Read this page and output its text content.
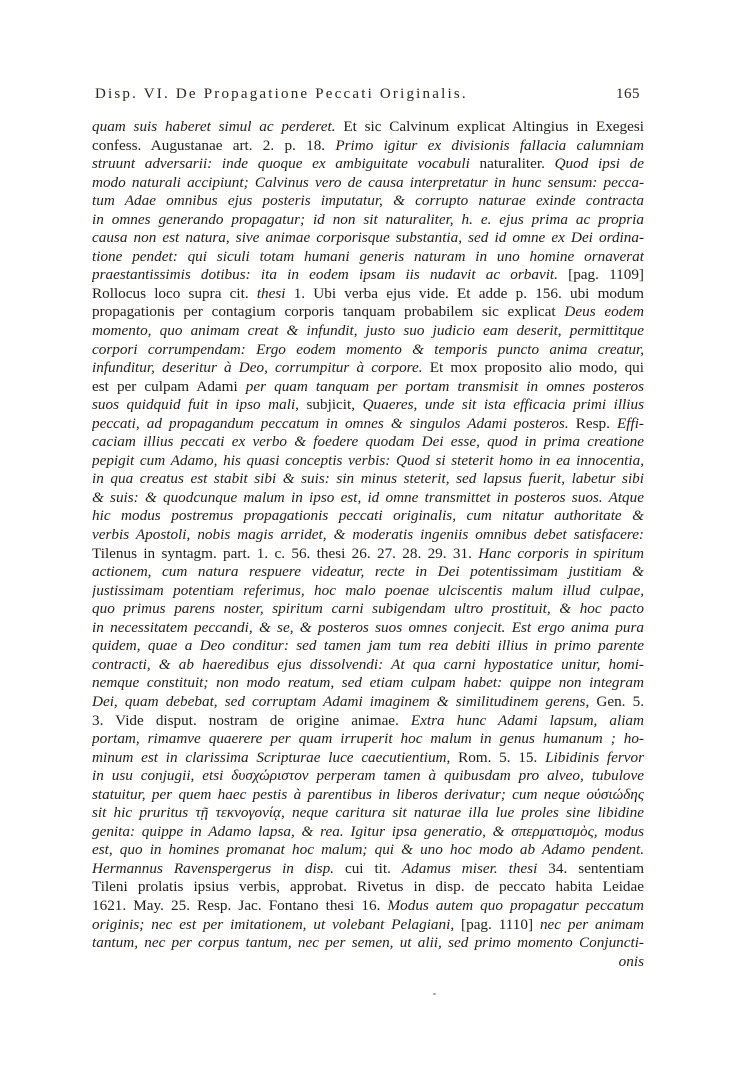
Disp. VI. De Propagatione Peccati Originalis.	165
quam suis haberet simul ac perderet. Et sic Calvinum explicat Altingius in Exegesi
confess. Augustanae art. 2. p. 18. Primo igitur ex divisionis fallacia calumniam
struunt adversarii: inde quoque ex ambiguitate vocabuli naturaliter. Quod ipsi de
modo naturali accipiunt; Calvinus vero de causa interpretatur in hunc sensum: pecca-
tum Adae omnibus ejus posteris imputatur, & corrupto naturae exinde contracta
in omnes generando propagatur; id non sit naturaliter, h. e. ejus prima ac propria
causa non est natura, sive animae corporisque substantia, sed id omne ex Dei ordina-
tione pendet: qui siculi totam humani generis naturam in uno homine ornaverat
praestantissimis dotibus: ita in eodem ipsam iis nudavit ac orbavit. [pag. 1109]
Rollocus loco supra cit. thesi 1. Ubi verba ejus vide. Et adde p. 156. ubi modum
propagationis per contagium corporis tanquam probabilem sic explicat Deus eodem
momento, quo animam creat & infundit, justo suo judicio eam deserit, permittitque
corpori corrumpendam: Ergo eodem momento & temporis puncto anima creatur,
infunditur, deseritur à Deo, corrumpitur à corpore. Et mox proposito alio modo, qui
est per culpam Adami per quam tanquam per portam transmisit in omnes posteros
suos quidquid fuit in ipso mali, subjicit, Quaeres, unde sit ista efficacia primi illius
peccati, ad propagandum peccatum in omnes & singulos Adami posteros. Resp. Effi-
caciam illius peccati ex verbo & foedere quodam Dei esse, quod in prima creatione
pepigit cum Adamo, his quasi conceptis verbis: Quod si steterit homo in ea innocentia,
in qua creatus est stabit sibi & suis: sin minus steterit, sed lapsus fuerit, labetur sibi
& suis: & quodcunque malum in ipso est, id omne transmittet in posteros suos. Atque
hic modus postremus propagationis peccati originalis, cum nitatur authoritate &
verbis Apostoli, nobis magis arridet, & moderatis ingeniis omnibus debet satisfacere:
Tilenus in syntagm. part. 1. c. 56. thesi 26. 27. 28. 29. 31. Hanc corporis in spiritum
actionem, cum natura respuere videatur, recte in Dei potentissimam justitiam &
justissimam potentiam referimus, hoc malo poenae ulciscentis malum illud culpae,
quo primus parens noster, spiritum carni subigendam ultro prostituit, & hoc pacto
in necessitatem peccandi, & se, & posteros suos omnes conjecit. Est ergo anima pura
quidem, quae a Deo conditur: sed tamen jam tum rea debiti illius in primo parente
contracti, & ab haeredibus ejus dissolvendi: At qua carni hypostatice unitur, homi-
nemque constituit; non modo reatum, sed etiam culpam habet: quippe non integram
Dei, quam debebat, sed corruptam Adami imaginem & similitudinem gerens, Gen. 5.
3. Vide disput. nostram de origine animae. Extra hunc Adami lapsum, aliam
portam, rimamve quaerere per quam irruperit hoc malum in genus humanum ; ho-
minum est in clarissima Scripturae luce caecutientium, Rom. 5. 15. Libidinis fervor
in usu conjugii, etsi δυσχώριστον perperam tamen à quibusdam pro alveo, tubulove
statuitur, per quem haec pestis à parentibus in liberos derivatur; cum neque οὐσιώδης
sit hic pruritus τῇ τεκνογονίᾳ, neque caritura sit naturae illa lue proles sine libidine
genita: quippe in Adamo lapsa, & rea. Igitur ipsa generatio, & σπερματισμὸς, modus
est, quo in homines promanat hoc malum; qui & uno hoc modo ab Adamo pendent.
Hermannus Ravenspergerus in disp. cui tit. Adamus miser. thesi 34. sententiam
Tileni prolatis ipsius verbis, approbat. Rivetus in disp. de peccato habita Leidae
1621. May. 25. Resp. Jac. Fontano thesi 16. Modus autem quo propagatur peccatum
originis; nec est per imitationem, ut volebant Pelagiani, [pag. 1110] nec per animam
tantum, nec per corpus tantum, nec per semen, ut alii, sed primo momento Conjuncti-
onis
